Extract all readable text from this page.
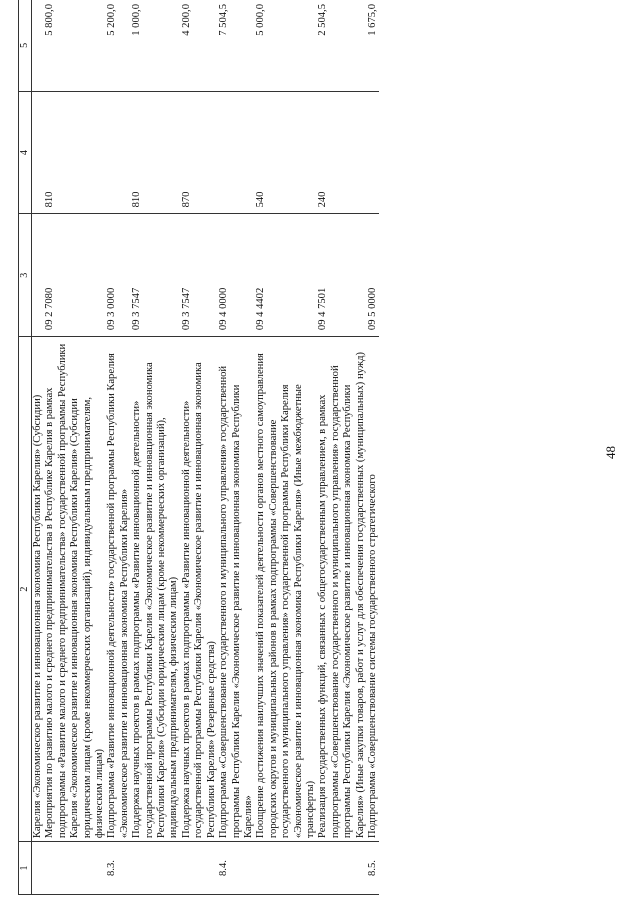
1	2	3	4	5
	Карелия «Экономическое развитие и инновационная экономика Республики Карелия» (Субсидии)			
	Мероприятия по развитию малого и среднего предпринимательства в Республике Карелия в рамках подпрограммы «Развитие малого и среднего предпринимательства» государственной программы Республики Карелия «Экономическое развитие и инновационная экономика Республики Карелия» (Субсидии юридическим лицам (кроме некоммерческих организаций), индивидуальным предпринимателям, физическим лицам)	09 2 7080	810	5 800,0
8.3.	Подпрограмма «Развитие инновационной деятельности» государственной программы Республики Карелия «Экономическое развитие и инновационная экономика Республики Карелия»	09 3 0000		5 200,0
	Поддержка научных проектов в рамках подпрограммы «Развитие инновационной деятельности» государственной программы Республики Карелия «Экономическое развитие и инновационная экономика Республики Карелия» (Субсидии юридическим лицам (кроме некоммерческих организаций), индивидуальным предпринимателям, физическим лицам)	09 3 7547	810	1 000,0
	Поддержка научных проектов в рамках подпрограммы «Развитие инновационной деятельности» государственной программы Республики Карелия «Экономическое развитие и инновационная экономика Республики Карелия» (Резервные средства)	09 3 7547	870	4 200,0
8.4.	Подпрограмма «Совершенствование государственного и муниципального управления» государственной программы Республики Карелия «Экономическое развитие и инновационная экономика Республики Карелия»	09 4 0000		7 504,5
	Поощрение достижения наилучших значений показателей деятельности органов местного самоуправления городских округов и муниципальных районов в рамках подпрограммы «Совершенствование государственного и муниципального управления» государственной программы Республики Карелия «Экономическое развитие и инновационная экономика Республики Карелия» (Иные межбюджетные трансферты)	09 4 4402	540	5 000,0
	Реализация государственных функций, связанных с общегосударственным управлением, в рамках подпрограммы «Совершенствование государственного и муниципального управления» государственной программы Республики Карелия «Экономическое развитие и инновационная экономика Республики Карелия» (Иные закупки товаров, работ и услуг для обеспечения государственных (муниципальных) нужд)	09 4 7501	240	2 504,5
8.5.	Подпрограмма «Совершенствование системы государственного стратегического	09 5 0000		1 675,0
48
